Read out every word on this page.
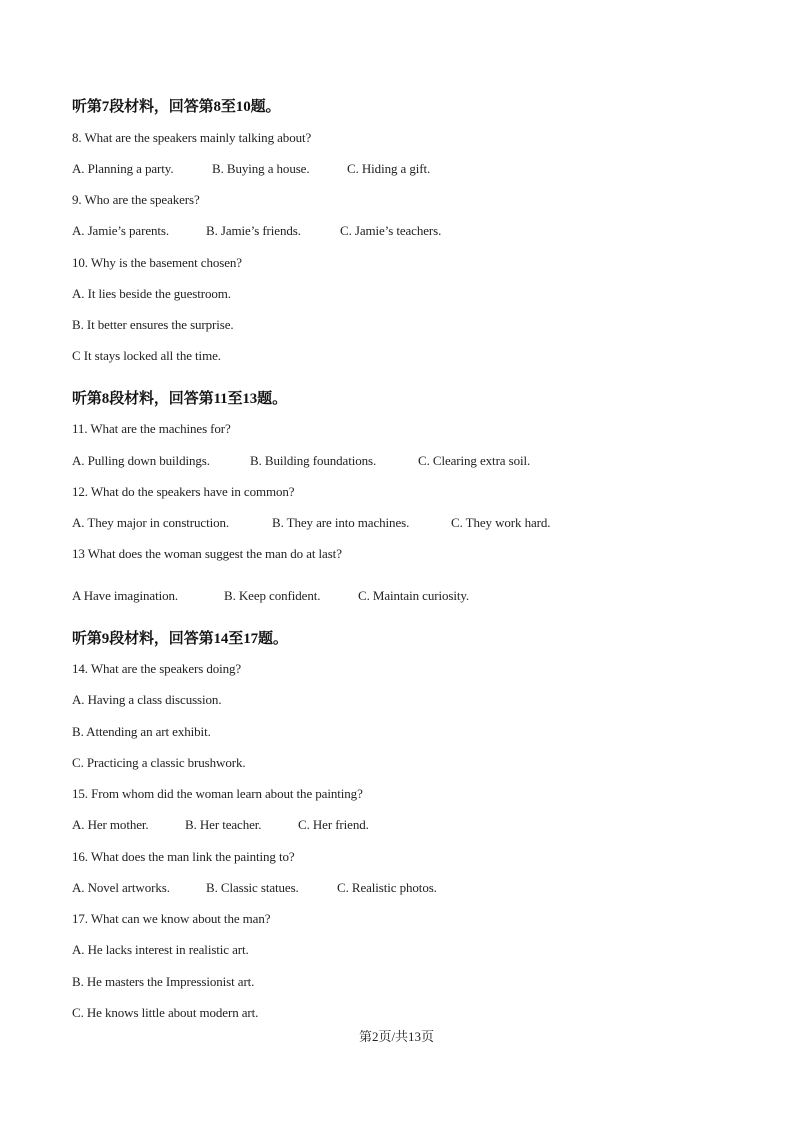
听第7段材料，回答第8至10题。
8. What are the speakers mainly talking about?
A. Planning a party.	B. Buying a house.	C. Hiding a gift.
9. Who are the speakers?
A. Jamie’s parents.	B. Jamie’s friends.	C. Jamie’s teachers.
10. Why is the basement chosen?
A. It lies beside the guestroom.
B. It better ensures the surprise.
C It stays locked all the time.
听第8段材料，回答第11至13题。
11. What are the machines for?
A. Pulling down buildings.	B. Building foundations.	C. Clearing extra soil.
12. What do the speakers have in common?
A. They major in construction.	B. They are into machines.	C. They work hard.
13 What does the woman suggest the man do at last?
A Have imagination.	B. Keep confident.	C. Maintain curiosity.
听第9段材料，回答第14至17题。
14. What are the speakers doing?
A. Having a class discussion.
B. Attending an art exhibit.
C. Practicing a classic brushwork.
15. From whom did the woman learn about the painting?
A. Her mother.	B. Her teacher.	C. Her friend.
16. What does the man link the painting to?
A. Novel artworks.	B. Classic statues.	C. Realistic photos.
17. What can we know about the man?
A. He lacks interest in realistic art.
B. He masters the Impressionist art.
C. He knows little about modern art.
第2页/共13页
